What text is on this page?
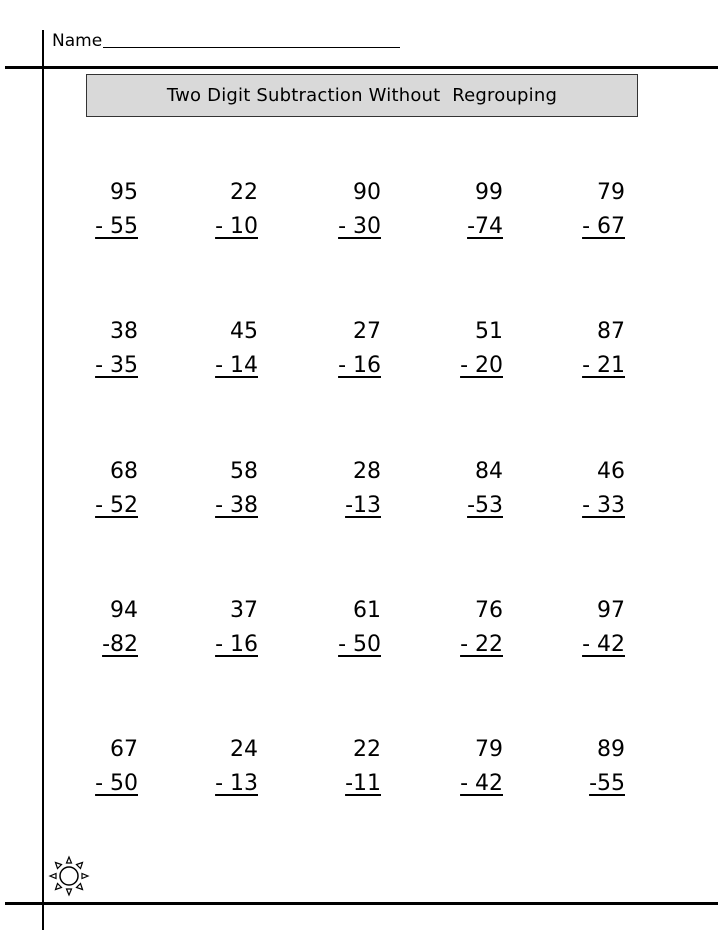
Name
Two Digit Subtraction Without  Regrouping
95
- 55
22
- 10
90
- 30
99
-74
79
- 67
38
- 35
45
- 14
27
- 16
51
- 20
87
- 21
68
- 52
58
- 38
28
-13
84
-53
46
- 33
94
-82
37
- 16
61
- 50
76
- 22
97
- 42
67
- 50
24
- 13
22
-11
79
- 42
89
-55
